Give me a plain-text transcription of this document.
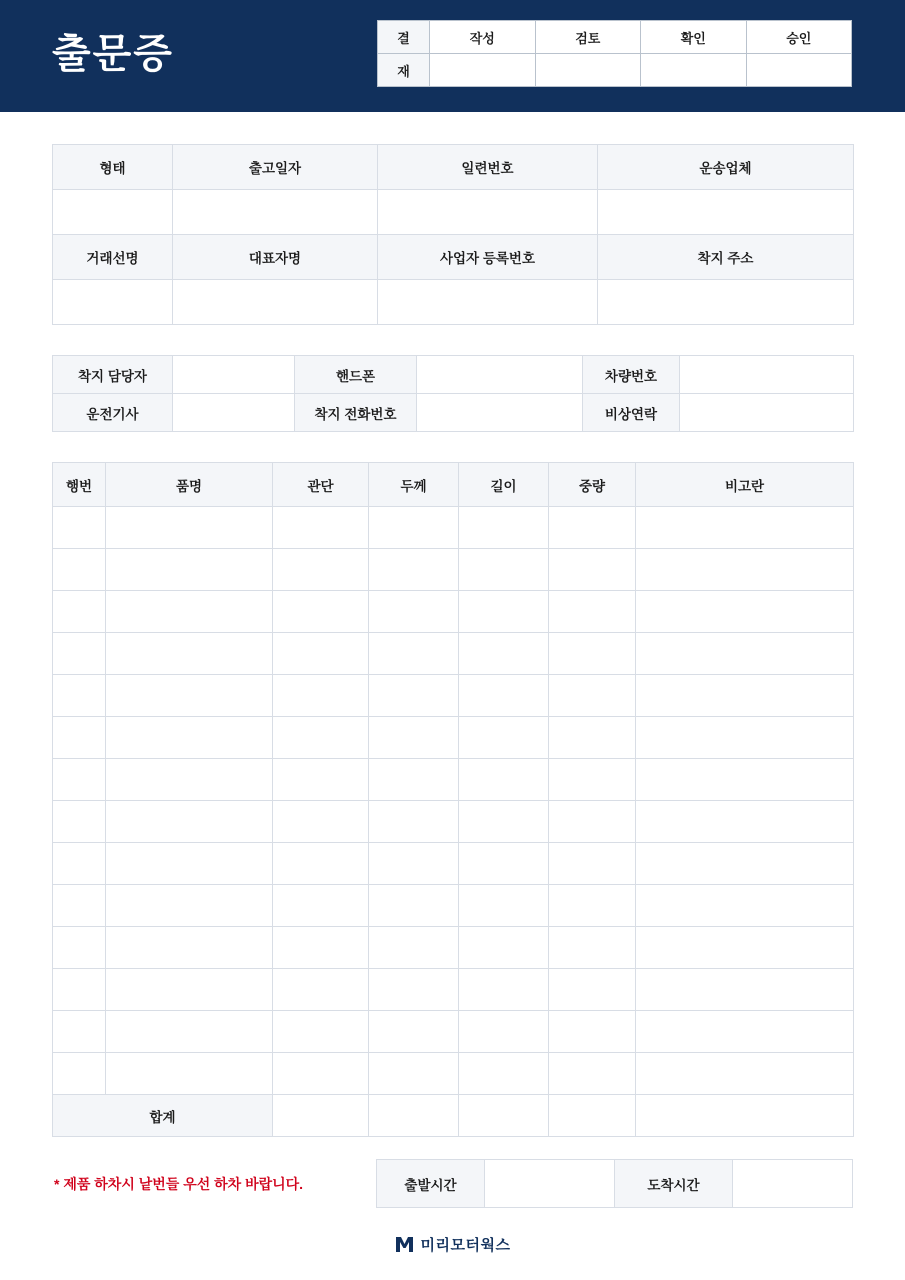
출문증	결	작성	검토	확인	승인
재				
형태	출고일자	일련번호	운송업체

거래선명	대표자명	사업자 등록번호	착지 주소

착지 담당자		핸드폰		차량번호	
운전기사		착지 전화번호		비상연락	
행번	품명	관단	두께	길이	중량	비고란

합계						
* 제품 하차시 낱번들 우선 하차 바랍니다.	출발시간		도착시간	
미리모터웍스
